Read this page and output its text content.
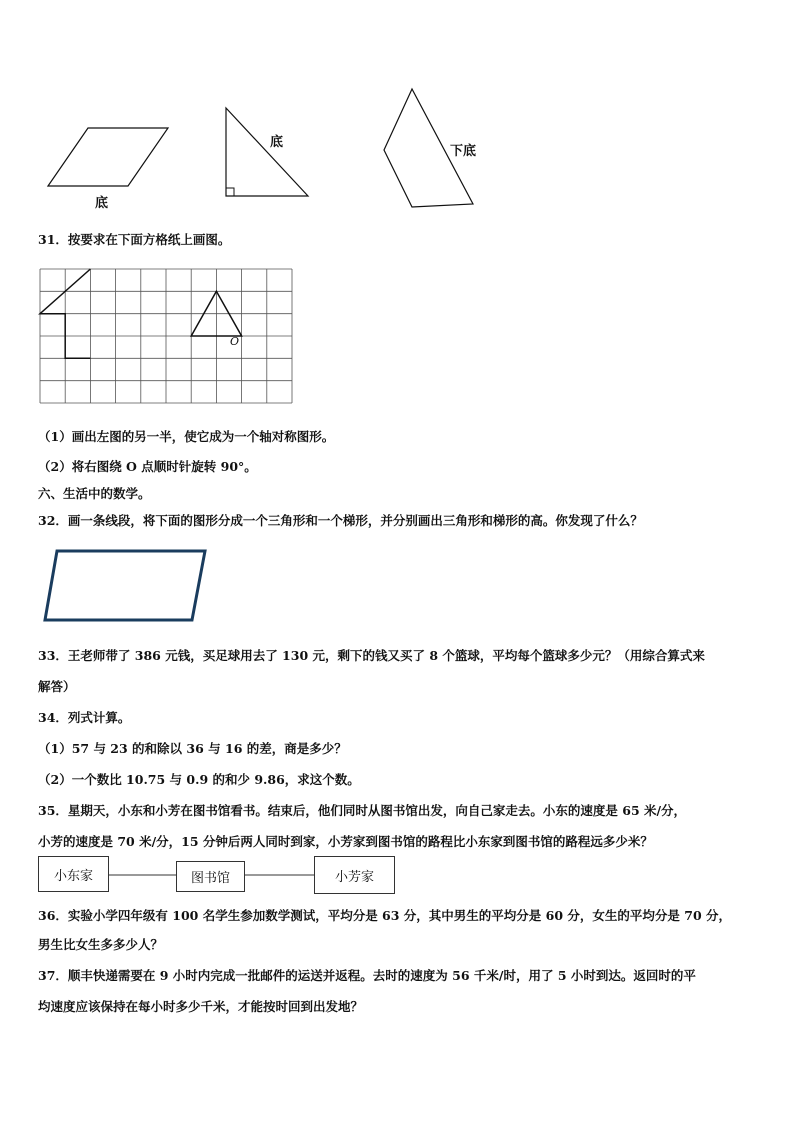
底
底
下底
31．按要求在下面方格纸上画图。
O
（1）画出左图的另一半，使它成为一个轴对称图形。
（2）将右图绕 O 点顺时针旋转 90°。
六、生活中的数学。
32．画一条线段，将下面的图形分成一个三角形和一个梯形，并分别画出三角形和梯形的高。你发现了什么？
33．王老师带了 386 元钱，买足球用去了 130 元，剩下的钱又买了 8 个篮球，平均每个篮球多少元？（用综合算式来
解答）
34．列式计算。
（1）57 与 23 的和除以 36 与 16 的差，商是多少？
（2）一个数比 10.75 与 0.9 的和少 9.86，求这个数。
35．星期天，小东和小芳在图书馆看书。结束后，他们同时从图书馆出发，向自己家走去。小东的速度是 65 米/分，
小芳的速度是 70 米/分，15 分钟后两人同时到家，小芳家到图书馆的路程比小东家到图书馆的路程远多少米？
小东家	图书馆	小芳家
36．实验小学四年级有 100 名学生参加数学测试，平均分是 63 分，其中男生的平均分是 60 分，女生的平均分是 70 分，
男生比女生多多少人？
37．顺丰快递需要在 9 小时内完成一批邮件的运送并返程。去时的速度为 56 千米/时，用了 5 小时到达。返回时的平
均速度应该保持在每小时多少千米，才能按时回到出发地？
